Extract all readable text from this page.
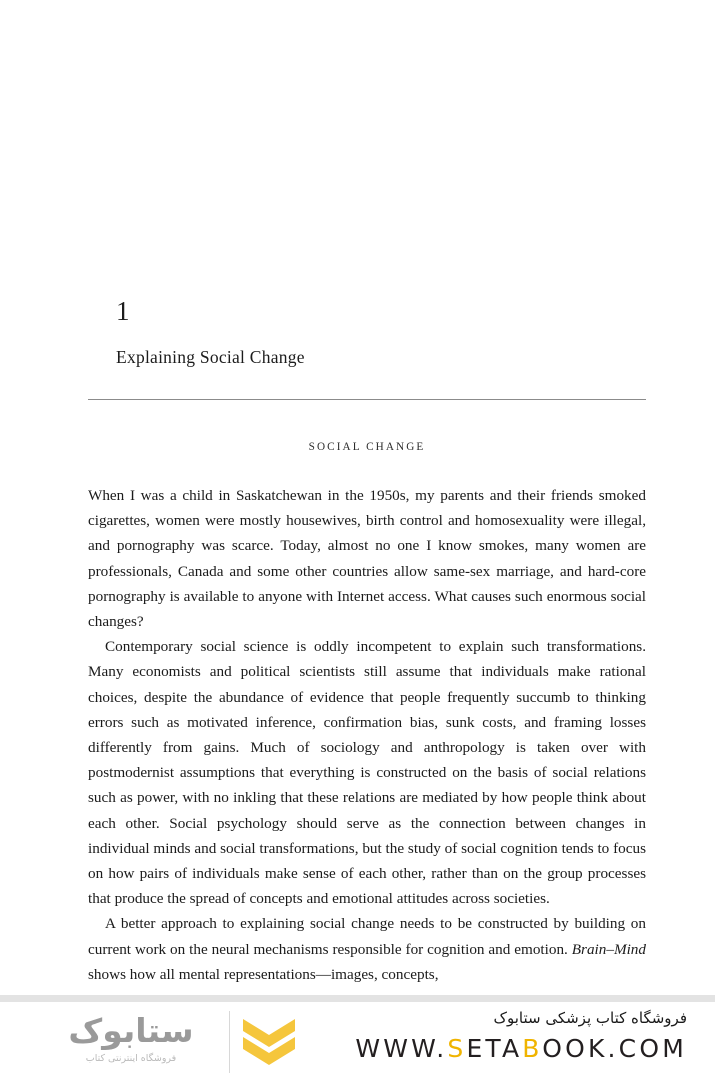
1
Explaining Social Change
SOCIAL CHANGE

When I was a child in Saskatchewan in the 1950s, my parents and their friends smoked cigarettes, women were mostly housewives, birth control and homosexuality were illegal, and pornography was scarce. Today, almost no one I know smokes, many women are professionals, Canada and some other countries allow same-sex marriage, and hard-core pornography is available to anyone with Internet access. What causes such enormous social changes?

Contemporary social science is oddly incompetent to explain such transformations. Many economists and political scientists still assume that individuals make rational choices, despite the abundance of evidence that people frequently succumb to thinking errors such as motivated inference, confirmation bias, sunk costs, and framing losses differently from gains. Much of sociology and anthropology is taken over with postmodernist assumptions that everything is constructed on the basis of social relations such as power, with no inkling that these relations are mediated by how people think about each other. Social psychology should serve as the connection between changes in individual minds and social transformations, but the study of social cognition tends to focus on how pairs of individuals make sense of each other, rather than on the group processes that produce the spread of concepts and emotional attitudes across societies.

A better approach to explaining social change needs to be constructed by building on current work on the neural mechanisms responsible for cognition and emotion. Brain–Mind shows how all mental representations—images, concepts,

ستابوک
فروشگاه اینترنتی کتاب
فروشگاه کتاب پزشکی ستابوک
WWW.SETABOOK.COM
